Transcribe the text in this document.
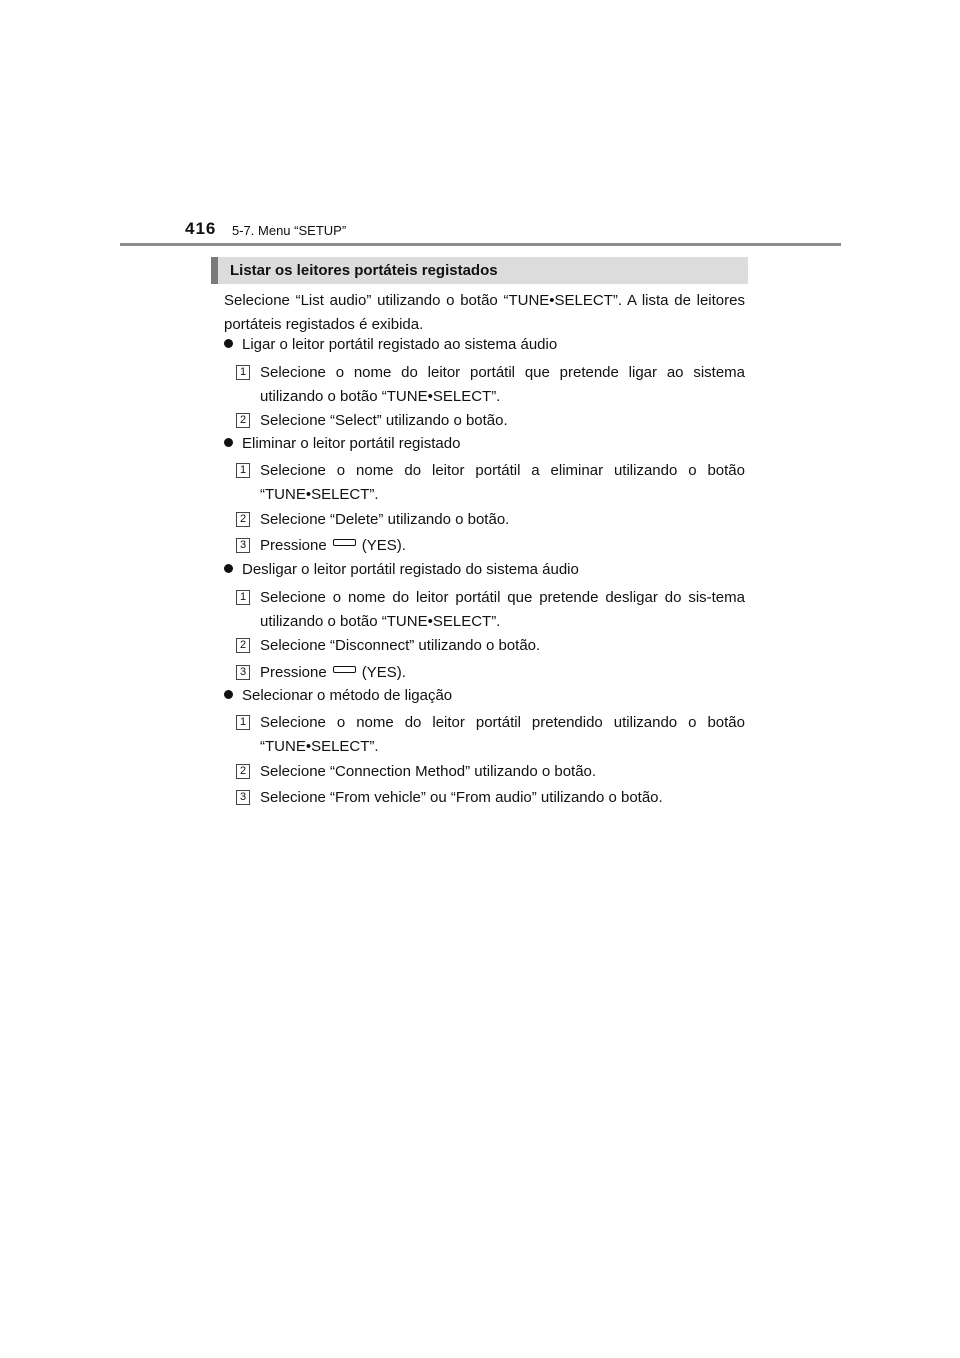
416 5-7. Menu “SETUP”
Listar os leitores portáteis registados

Selecione “List audio” utilizando o botão “TUNE•SELECT”. A lista de leitores portáteis registados é exibida.

Ligar o leitor portátil registado ao sistema áudio
1 Selecione o nome do leitor portátil que pretende ligar ao sistema utilizando o botão “TUNE•SELECT”.
2 Selecione “Select” utilizando o botão.
Eliminar o leitor portátil registado
1 Selecione o nome do leitor portátil a eliminar utilizando o botão “TUNE•SELECT”.
2 Selecione “Delete” utilizando o botão.
3 Pressione (YES).
Desligar o leitor portátil registado do sistema áudio
1 Selecione o nome do leitor portátil que pretende desligar do sis-tema utilizando o botão “TUNE•SELECT”.
2 Selecione “Disconnect” utilizando o botão.
3 Pressione (YES).
Selecionar o método de ligação
1 Selecione o nome do leitor portátil pretendido utilizando o botão “TUNE•SELECT”.
2 Selecione “Connection Method” utilizando o botão.
3 Selecione “From vehicle” ou “From audio” utilizando o botão.
